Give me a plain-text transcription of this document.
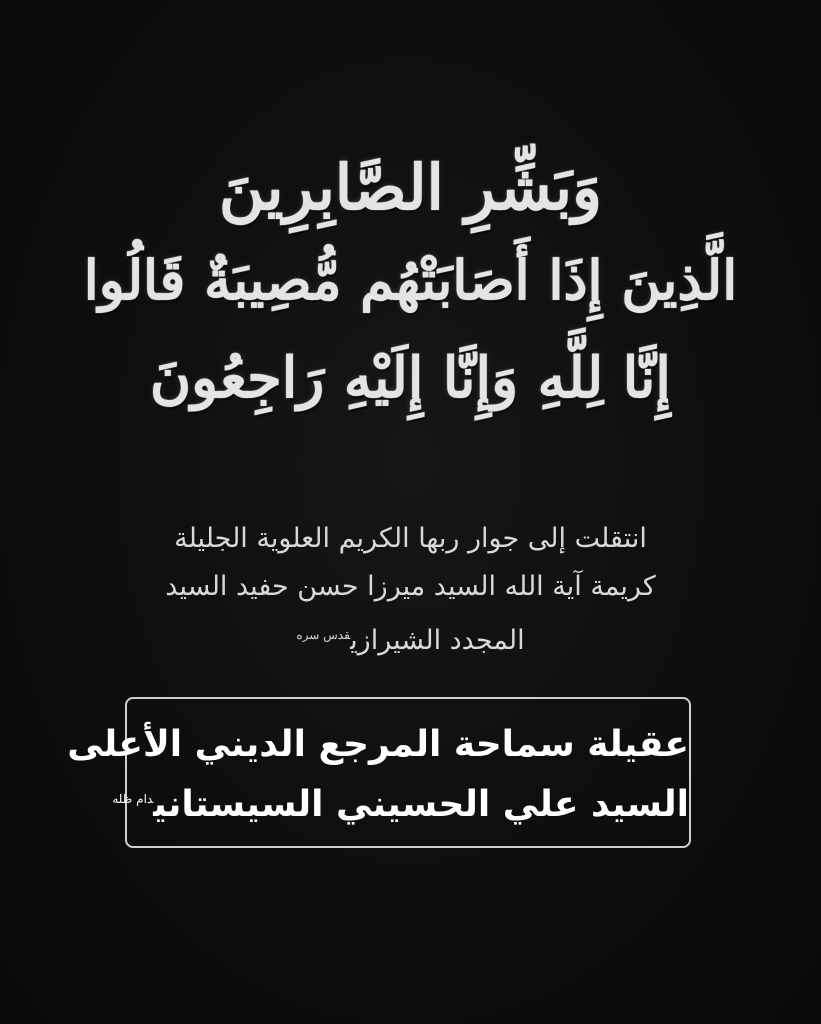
وَبَشِّرِ الصَّابِرِينَ
الَّذِينَ إِذَا أَصَابَتْهُم مُّصِيبَةٌ قَالُوا
إِنَّا لِلَّهِ وَإِنَّا إِلَيْهِ رَاجِعُونَ
انتقلت إلى جوار ربها الكريم العلوية الجليلة
كريمة آية الله السيد ميرزا حسن حفيد السيد
المجدد الشيرازي$^{قدس سره}$
عقيلة سماحة المرجع الديني الأعلى
السيد علي الحسيني السيستاني$^{دام ظله}$
